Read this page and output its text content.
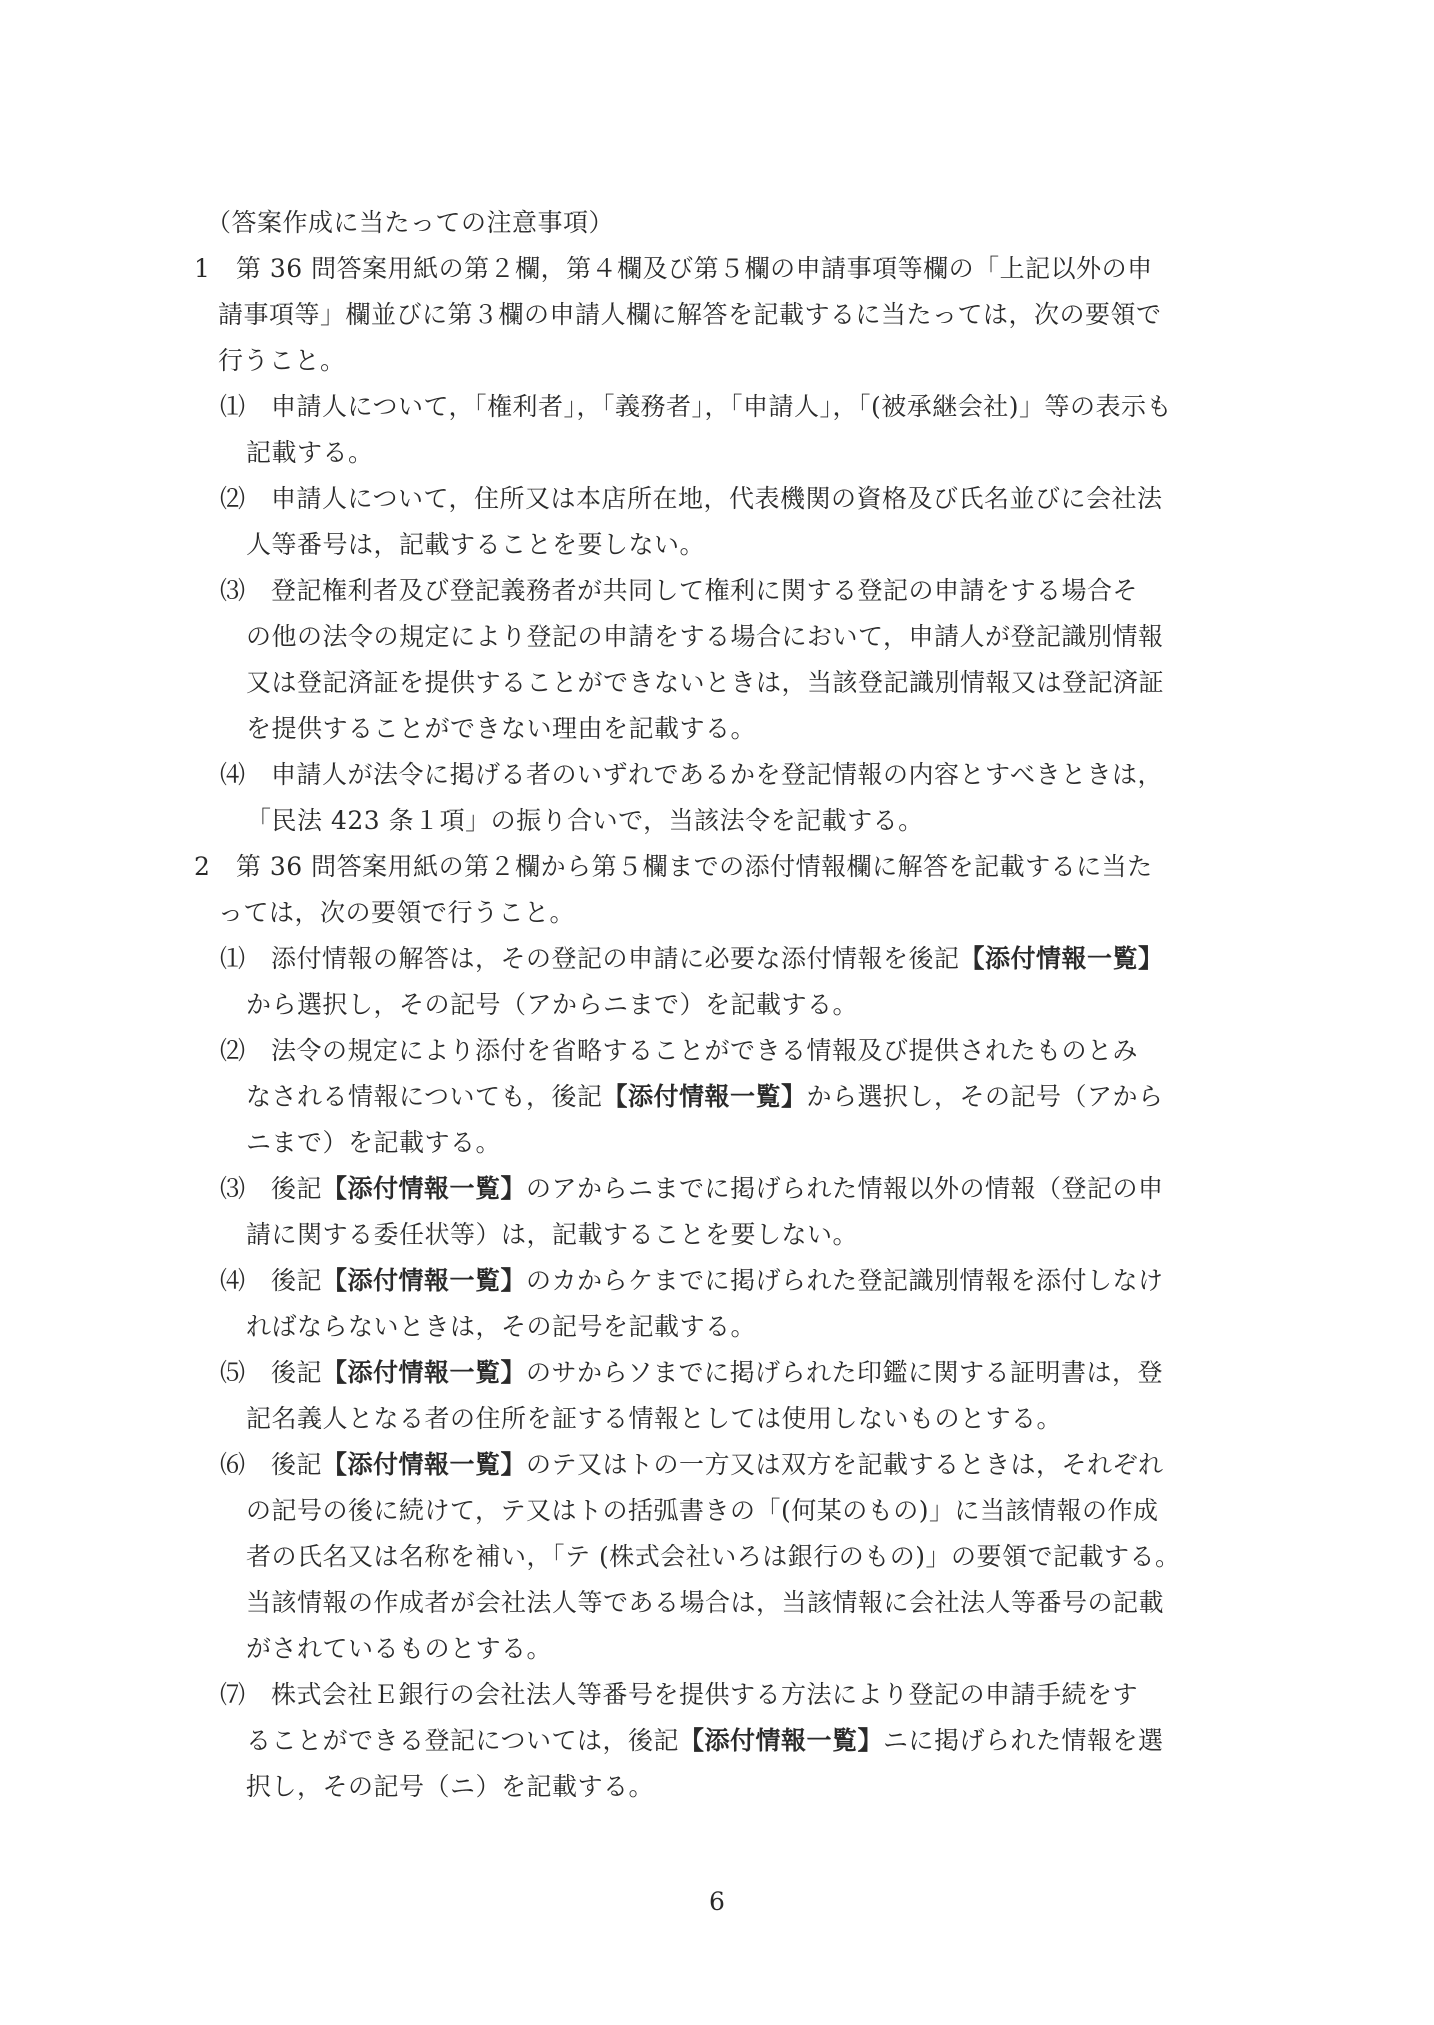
（答案作成に当たっての注意事項）
1　第 36 問答案用紙の第２欄，第４欄及び第５欄の申請事項等欄の「上記以外の申
請事項等」欄並びに第３欄の申請人欄に解答を記載するに当たっては，次の要領で
行うこと。
⑴　申請人について，「権利者」，「義務者」，「申請人」，「(被承継会社)」等の表示も
記載する。
⑵　申請人について，住所又は本店所在地，代表機関の資格及び氏名並びに会社法
人等番号は，記載することを要しない。
⑶　登記権利者及び登記義務者が共同して権利に関する登記の申請をする場合そ
の他の法令の規定により登記の申請をする場合において，申請人が登記識別情報
又は登記済証を提供することができないときは，当該登記識別情報又は登記済証
を提供することができない理由を記載する。
⑷　申請人が法令に掲げる者のいずれであるかを登記情報の内容とすべきときは，
「民法 423 条１項」の振り合いで，当該法令を記載する。
2　第 36 問答案用紙の第２欄から第５欄までの添付情報欄に解答を記載するに当た
っては，次の要領で行うこと。
⑴　添付情報の解答は，その登記の申請に必要な添付情報を後記【添付情報一覧】
から選択し，その記号（アからニまで）を記載する。
⑵　法令の規定により添付を省略することができる情報及び提供されたものとみ
なされる情報についても，後記【添付情報一覧】から選択し，その記号（アから
ニまで）を記載する。
⑶　後記【添付情報一覧】のアからニまでに掲げられた情報以外の情報（登記の申
請に関する委任状等）は，記載することを要しない。
⑷　後記【添付情報一覧】のカからケまでに掲げられた登記識別情報を添付しなけ
ればならないときは，その記号を記載する。
⑸　後記【添付情報一覧】のサからソまでに掲げられた印鑑に関する証明書は，登
記名義人となる者の住所を証する情報としては使用しないものとする。
⑹　後記【添付情報一覧】のテ又はトの一方又は双方を記載するときは，それぞれ
の記号の後に続けて，テ又はトの括弧書きの「(何某のもの)」に当該情報の作成
者の氏名又は名称を補い，「テ (株式会社いろは銀行のもの)」の要領で記載する。
当該情報の作成者が会社法人等である場合は，当該情報に会社法人等番号の記載
がされているものとする。
⑺　株式会社Ｅ銀行の会社法人等番号を提供する方法により登記の申請手続をす
ることができる登記については，後記【添付情報一覧】ニに掲げられた情報を選
択し，その記号（ニ）を記載する。
6
